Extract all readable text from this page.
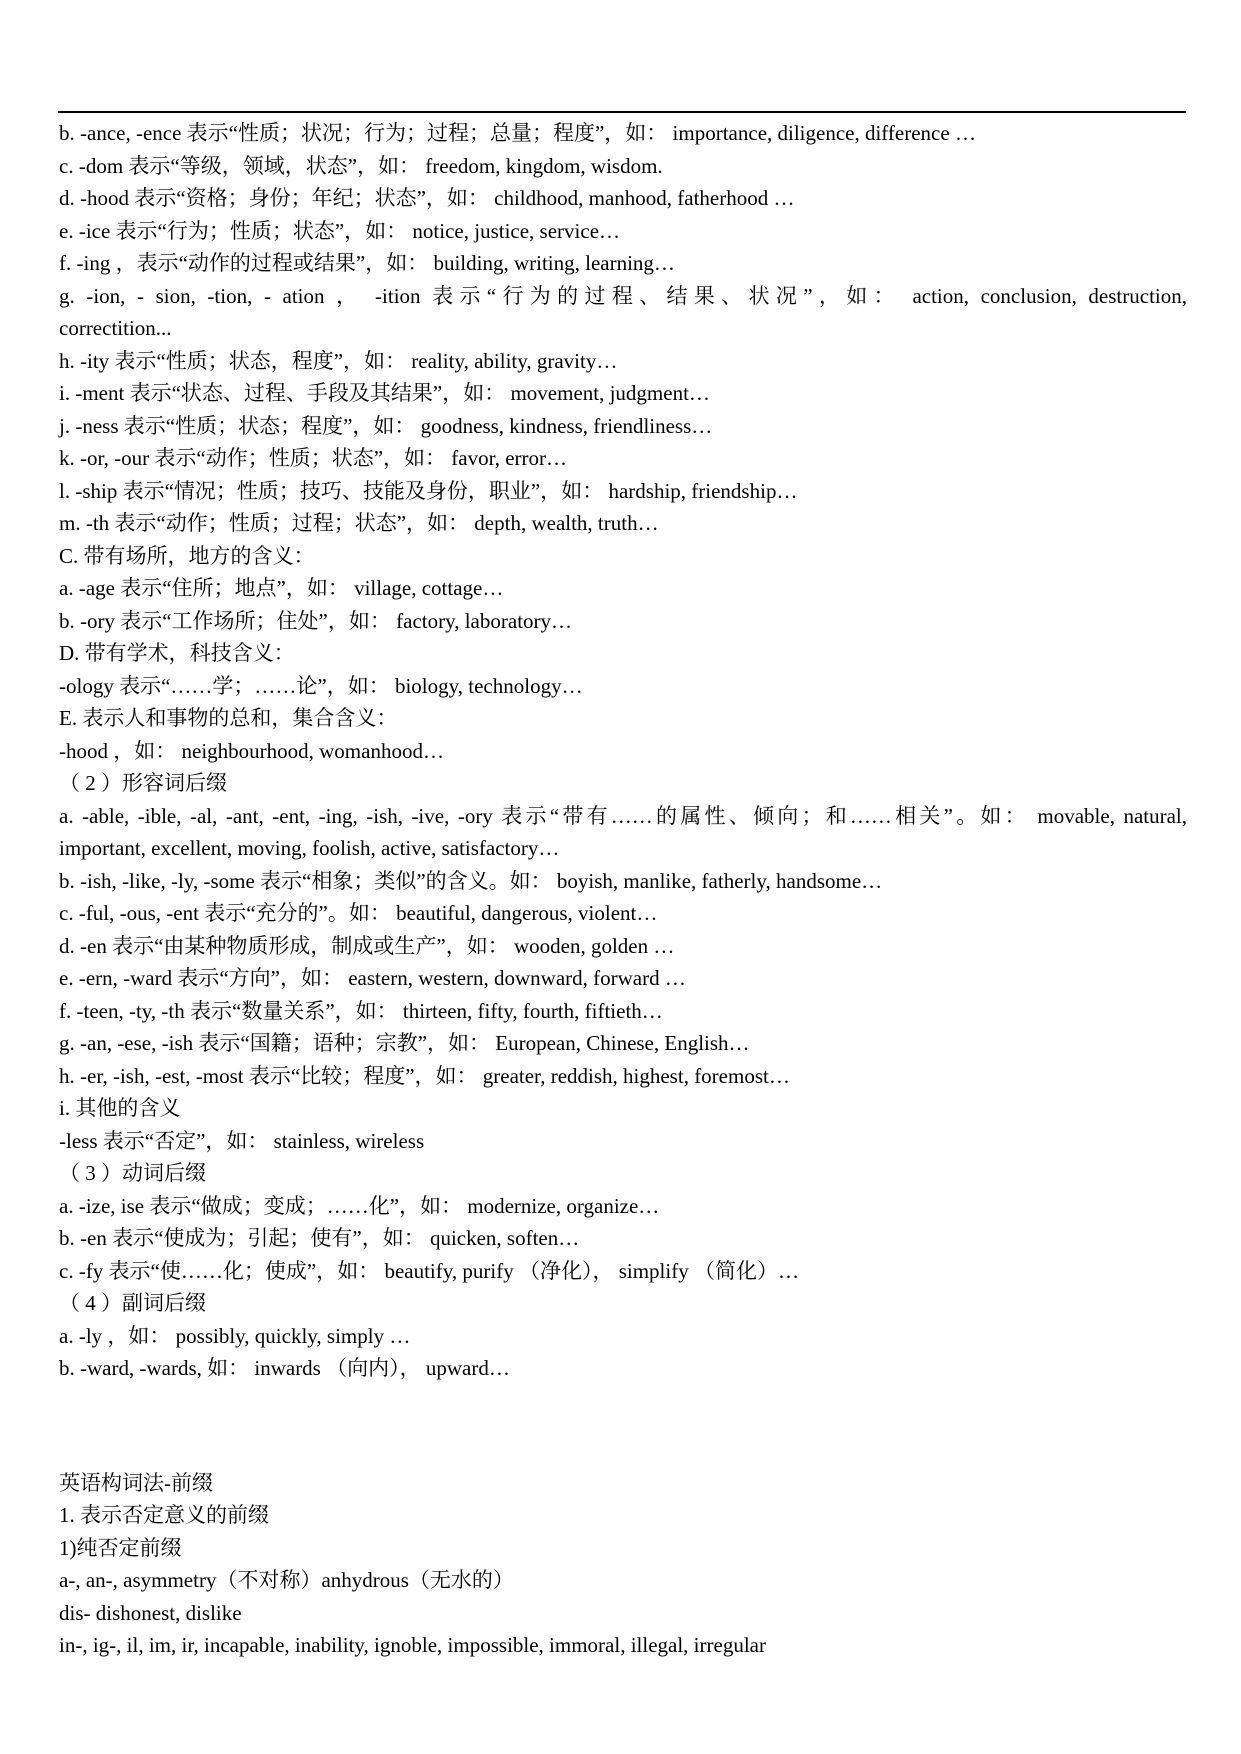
b. -ance, -ence 表示“性质；状况；行为；过程；总量；程度”，如： importance, diligence, difference …
c. -dom 表示“等级，领域，状态”，如： freedom, kingdom, wisdom.
d. -hood 表示“资格；身份；年纪；状态”，如： childhood, manhood, fatherhood …
e. -ice 表示“行为；性质；状态”，如： notice, justice, service…
f. -ing ，表示“动作的过程或结果”，如： building, writing, learning…
g. -ion, - sion, -tion, - ation ， -ition 表示“行为的过程、结果、状况”，如： action, conclusion, destruction,
correctition...
h. -ity 表示“性质；状态，程度”，如： reality, ability, gravity…
i. -ment 表示“状态、过程、手段及其结果”，如： movement, judgment…
j. -ness 表示“性质；状态；程度”，如： goodness, kindness, friendliness…
k. -or, -our 表示“动作；性质；状态”，如： favor, error…
l. -ship 表示“情况；性质；技巧、技能及身份，职业”，如： hardship, friendship…
m. -th 表示“动作；性质；过程；状态”，如： depth, wealth, truth…
C. 带有场所，地方的含义：
a. -age 表示“住所；地点”，如： village, cottage…
b. -ory 表示“工作场所；住处”，如： factory, laboratory…
D. 带有学术，科技含义：
-ology 表示“……学；……论”，如： biology, technology…
E. 表示人和事物的总和，集合含义：
-hood ，如： neighbourhood, womanhood…
（ 2 ）形容词后缀
a. -able, -ible, -al, -ant, -ent, -ing, -ish, -ive, -ory 表示“带有……的属性、倾向；和……相关”。如： movable, natural,
important, excellent, moving, foolish, active, satisfactory…
b. -ish, -like, -ly, -some 表示“相象；类似”的含义。如： boyish, manlike, fatherly, handsome…
c. -ful, -ous, -ent 表示“充分的”。如： beautiful, dangerous, violent…
d. -en 表示“由某种物质形成，制成或生产”，如： wooden, golden …
e. -ern, -ward 表示“方向”，如： eastern, western, downward, forward …
f. -teen, -ty, -th 表示“数量关系”，如： thirteen, fifty, fourth, fiftieth…
g. -an, -ese, -ish 表示“国籍；语种；宗教”，如： European, Chinese, English…
h. -er, -ish, -est, -most 表示“比较；程度”，如： greater, reddish, highest, foremost…
i. 其他的含义
-less 表示“否定”，如： stainless, wireless
（ 3 ）动词后缀
a. -ize, ise 表示“做成；变成；……化”，如： modernize, organize…
b. -en 表示“使成为；引起；使有”，如： quicken, soften…
c. -fy 表示“使……化；使成”，如： beautify, purify （净化）， simplify （简化）…
（ 4 ）副词后缀
a. -ly ，如： possibly, quickly, simply …
b. -ward, -wards, 如： inwards （向内）， upward…
英语构词法-前缀
1. 表示否定意义的前缀
1)纯否定前缀
a-, an-, asymmetry（不对称）anhydrous（无水的）
dis- dishonest, dislike
in-, ig-, il, im, ir, incapable, inability, ignoble, impossible, immoral, illegal, irregular
